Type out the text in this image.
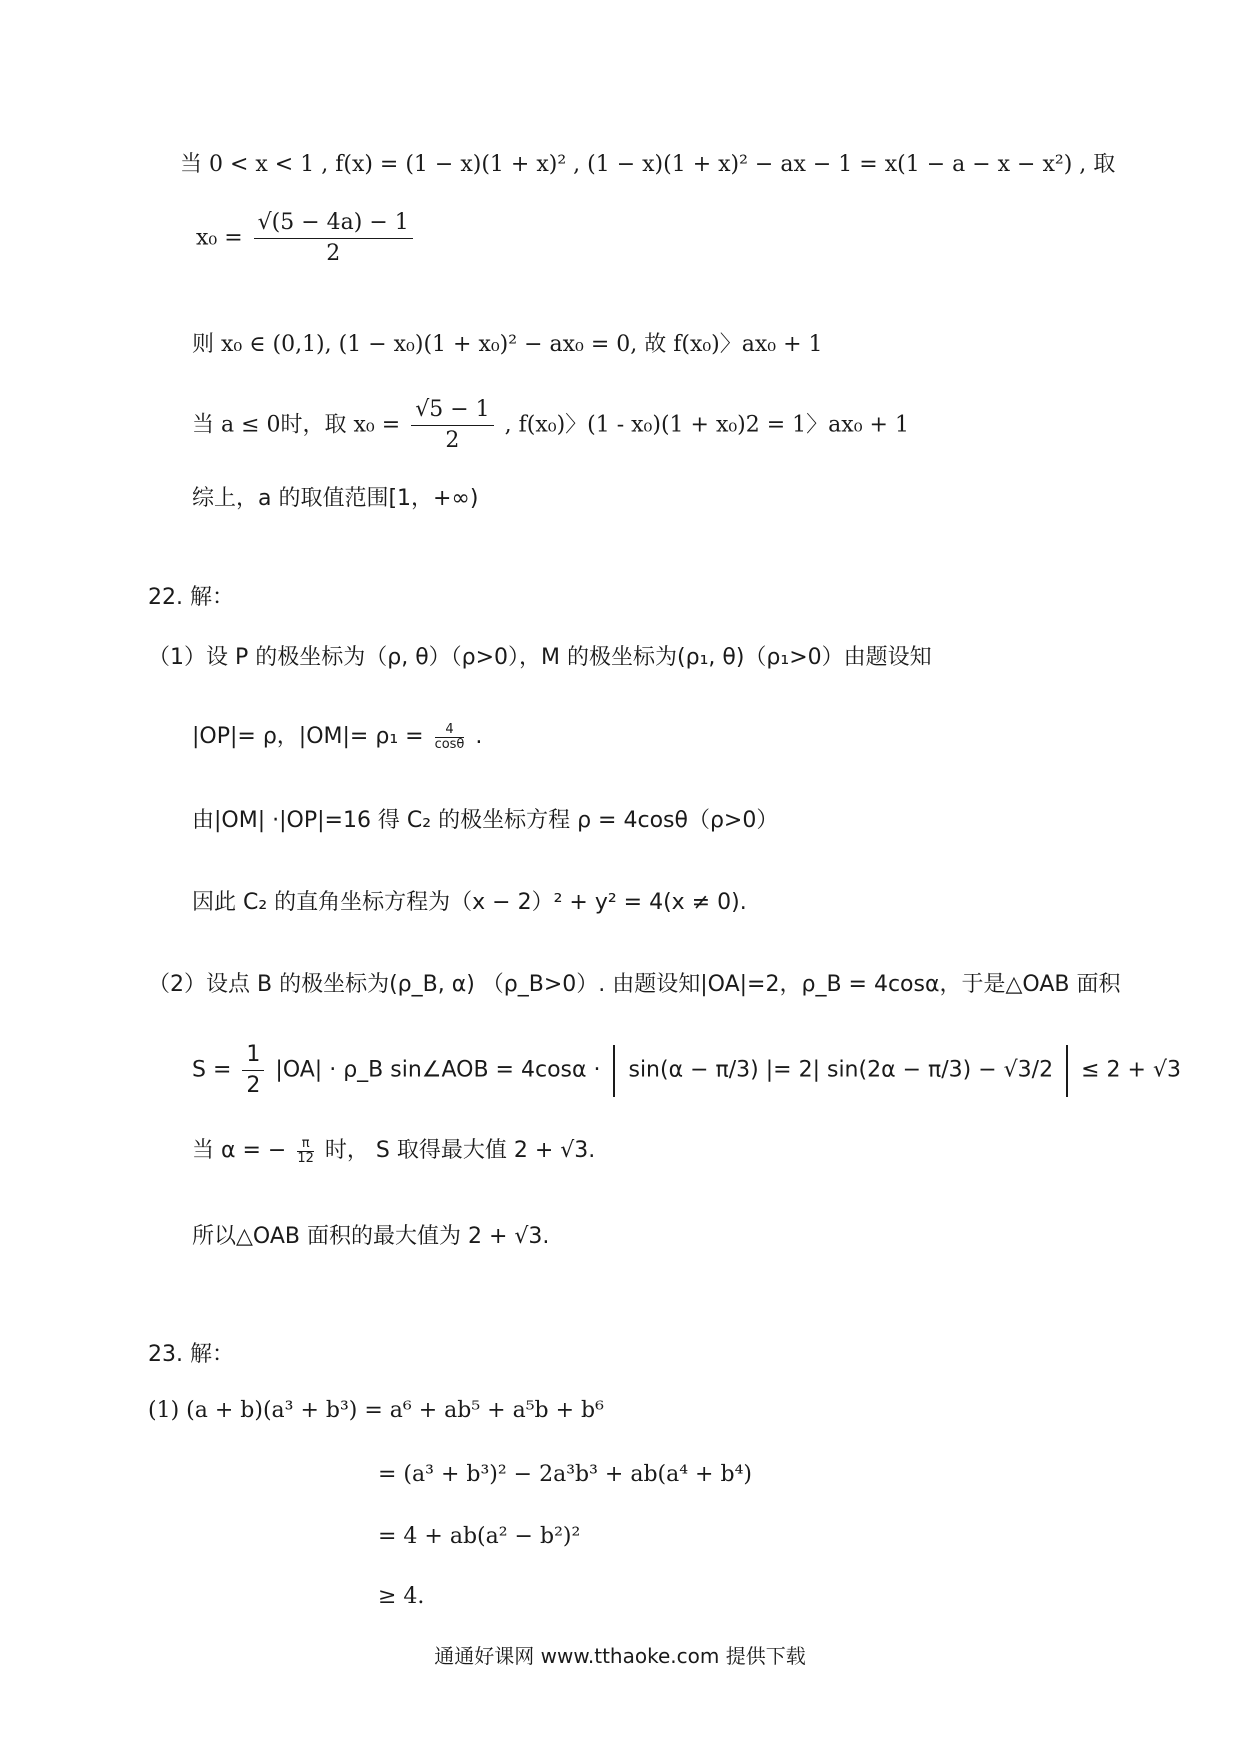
当 0 < x < 1 , f(x) = (1 − x)(1 + x)² , (1 − x)(1 + x)² − ax − 1 = x(1 − a − x − x²) , 取
$x_0 = \frac{√(5 - 4a) - 1}{2}$
则 x₀ ∈ (0,1), (1 − x₀)(1 + x₀)² − ax₀ = 0, 故 f(x₀)〉ax₀ + 1
当 a ≤ 0时，取 $x_0 = \frac{√5 - 1}{2}$ , f(x₀)〉(1 - x₀)(1 + x₀)2 = 1〉ax₀ + 1
综上，a 的取值范围[1，+∞)
22. 解：
（1）设 P 的极坐标为（ρ, θ）（ρ>0），M 的极坐标为(ρ₁, θ)（ρ₁>0）由题设知
|OP|= ρ，$|OM|= \rho_1 = \frac{4}{\cos\theta}$ .
由|OM| ·|OP|=16 得 C₂ 的极坐标方程 ρ = 4cosθ（ρ>0）
因此 C₂ 的直角坐标方程为（x − 2）² + y² = 4(x ≠ 0).
（2）设点 B 的极坐标为(ρ_B, α) （ρ_B>0）. 由题设知|OA|=2，ρ_B = 4cosα，于是△OAB 面积
$S = \frac{1}{2} |OA|$ · ρ_B sin∠AOB = 4cosα · sin(α − π/3) |= 2| sin(2α − π/3) − √3/2 ≤ 2 + √3
当 α = − $\frac{\pi}{12}$ 时， S 取得最大值 2 + √3.
所以△OAB 面积的最大值为 2 + √3.
23. 解：
(1) (a + b)(a³ + b³) = a⁶ + ab⁵ + a⁵b + b⁶
= (a³ + b³)² − 2a³b³ + ab(a⁴ + b⁴)
= 4 + ab(a² − b²)²
≥ 4.
通通好课网 www.tthaoke.com 提供下载
